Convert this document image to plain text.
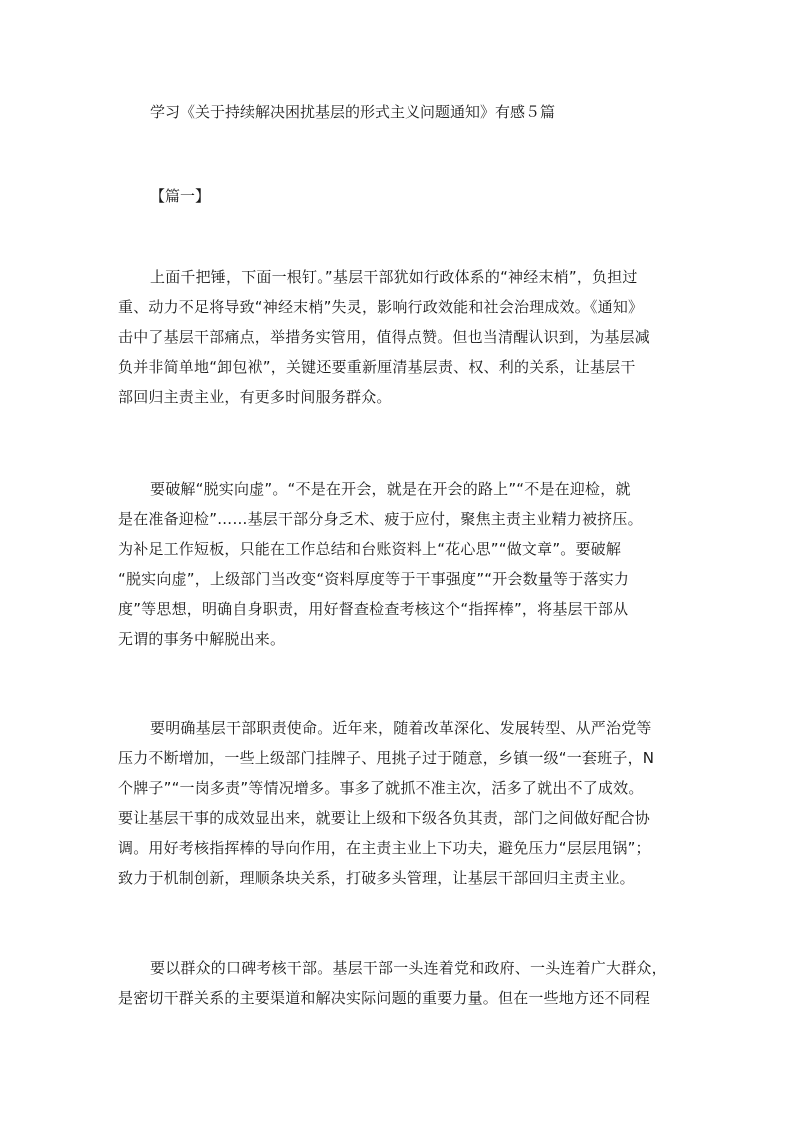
学习《关于持续解决困扰基层的形式主义问题通知》有感５篇
【篇一】
上面千把锤，下面一根钉。”基层干部犹如行政体系的“神经末梢”，负担过
重、动力不足将导致“神经末梢”失灵，影响行政效能和社会治理成效。《通知》
击中了基层干部痛点，举措务实管用，值得点赞。但也当清醒认识到，为基层减
负并非简单地“卸包袱”，关键还要重新厘清基层责、权、利的关系，让基层干
部回归主责主业，有更多时间服务群众。
要破解“脱实向虚”。“不是在开会，就是在开会的路上”“不是在迎检，就
是在准备迎检”……基层干部分身乏术、疲于应付，聚焦主责主业精力被挤压。
为补足工作短板，只能在工作总结和台账资料上“花心思”“做文章”。要破解
“脱实向虚”，上级部门当改变“资料厚度等于干事强度”“开会数量等于落实力
度”等思想，明确自身职责，用好督查检查考核这个“指挥棒”，将基层干部从
无谓的事务中解脱出来。
要明确基层干部职责使命。近年来，随着改革深化、发展转型、从严治党等
压力不断增加，一些上级部门挂牌子、甩挑子过于随意，乡镇一级“一套班子，N
个牌子”“一岗多责”等情况增多。事多了就抓不准主次，活多了就出不了成效。
要让基层干事的成效显出来，就要让上级和下级各负其责，部门之间做好配合协
调。用好考核指挥棒的导向作用，在主责主业上下功夫，避免压力“层层甩锅”；
致力于机制创新，理顺条块关系，打破多头管理，让基层干部回归主责主业。
要以群众的口碑考核干部。基层干部一头连着党和政府、一头连着广大群众，
是密切干群关系的主要渠道和解决实际问题的重要力量。但在一些地方还不同程
